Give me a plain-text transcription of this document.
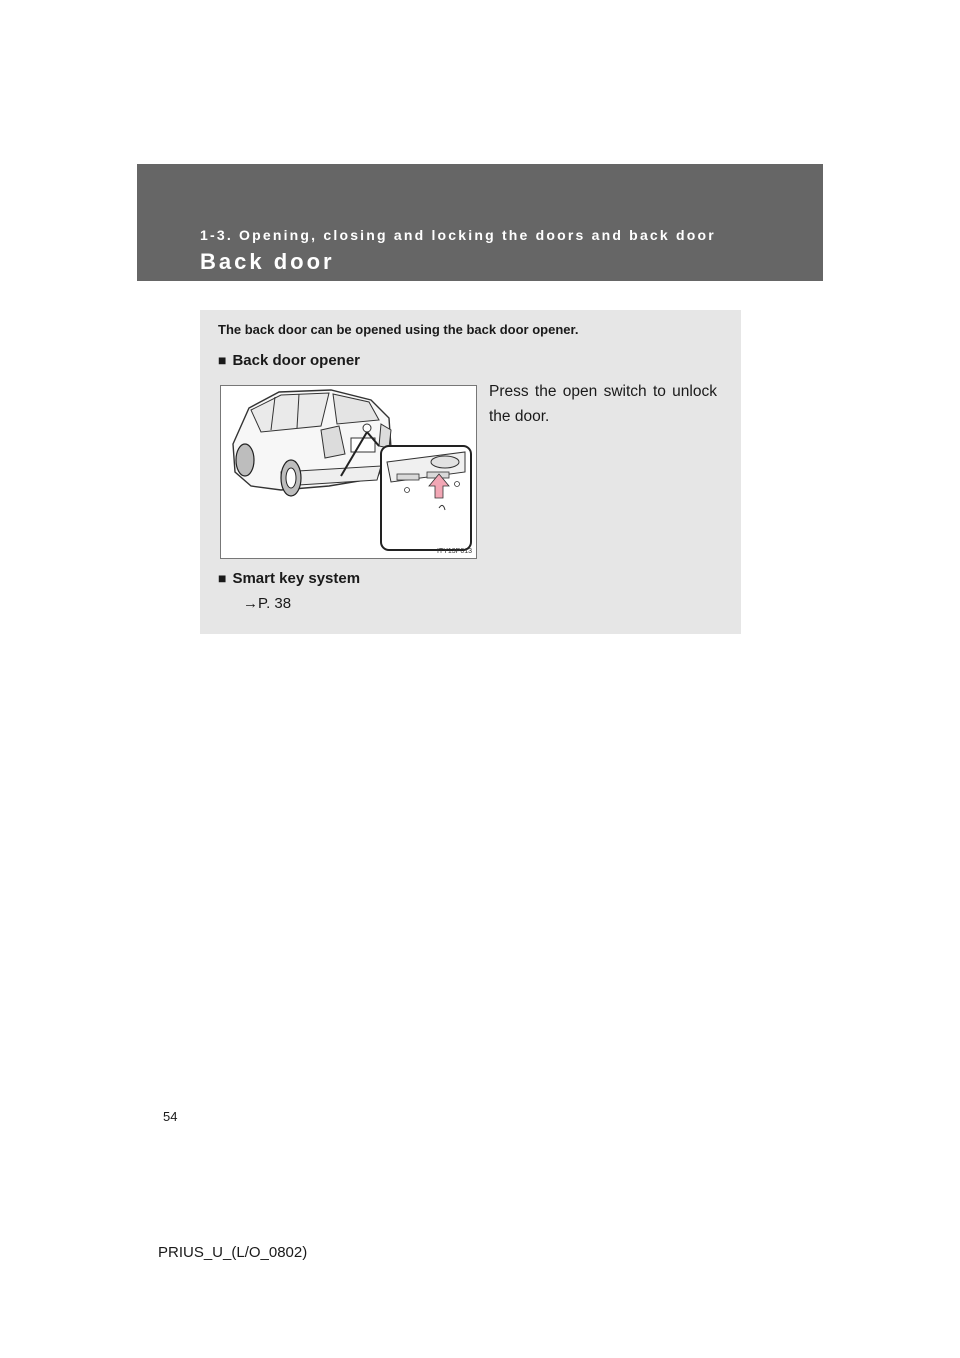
1-3. Opening, closing and locking the doors and back door
Back door
The back door can be opened using the back door opener.
■ Back door opener
ITY13P013
Press the open switch to unlock the door.
■ Smart key system
→P. 38
54
PRIUS_U_(L/O_0802)
